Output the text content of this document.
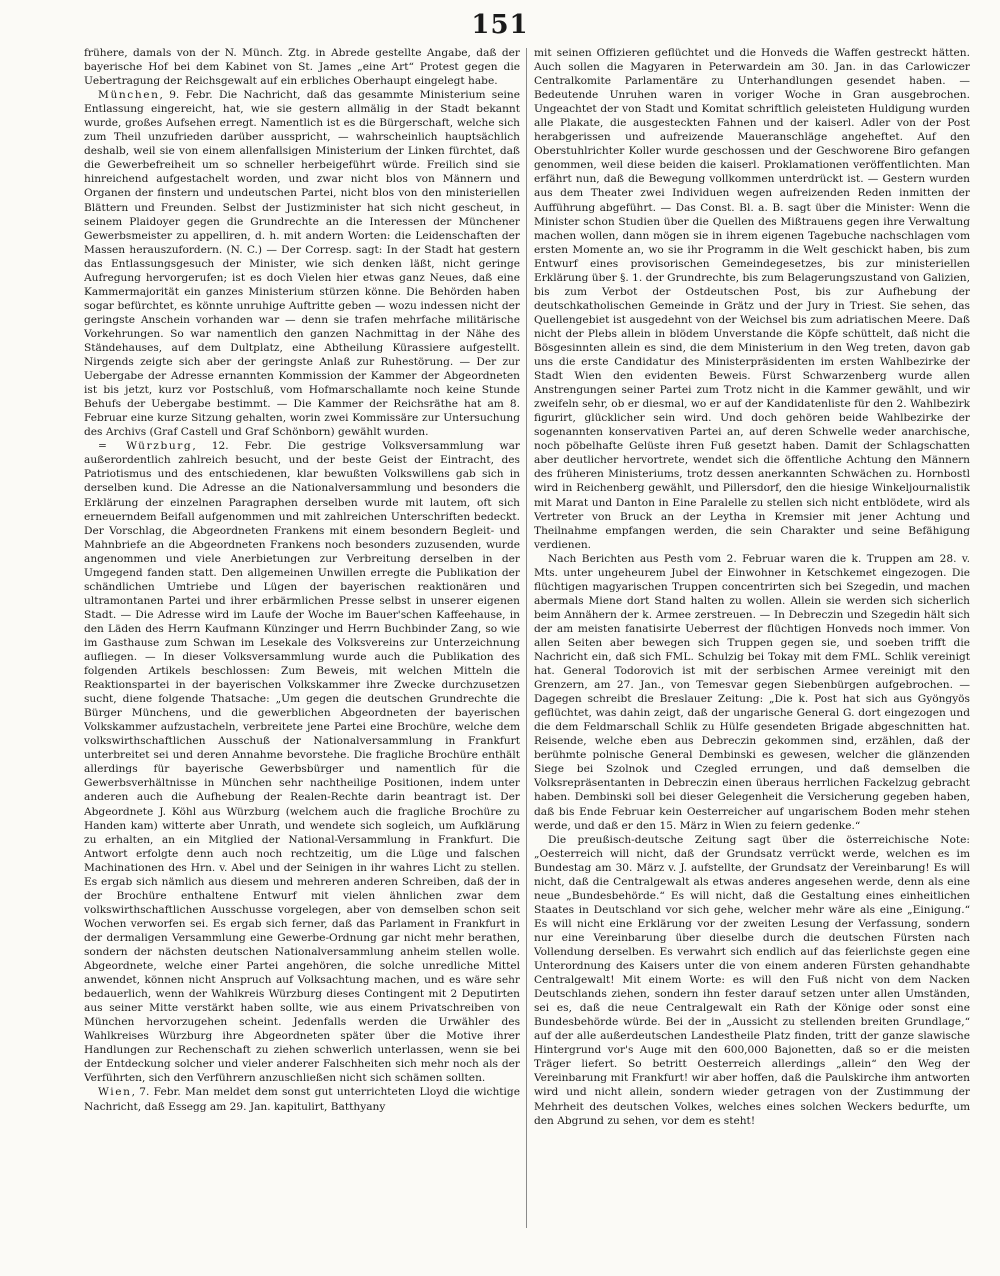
151

frühere, damals von der N. Münch. Ztg. in Abrede gestellte Angabe, daß der bayerische Hof bei dem Kabinet von St. James „eine Art“ Protest gegen die Uebertragung der Reichsgewalt auf ein erbliches Oberhaupt eingelegt habe.

München, 9. Febr. Die Nachricht, daß das gesammte Ministerium seine Entlassung eingereicht, hat, wie sie gestern allmälig in der Stadt bekannt wurde, großes Aufsehen erregt. Namentlich ist es die Bürgerschaft, welche sich zum Theil unzufrieden darüber ausspricht, — wahrscheinlich hauptsächlich deshalb, weil sie von einem allenfallsigen Ministerium der Linken fürchtet, daß die Gewerbefreiheit um so schneller herbeigeführt würde. Freilich sind sie hinreichend aufgestachelt worden, und zwar nicht blos von Männern und Organen der finstern und undeutschen Partei, nicht blos von den ministeriellen Blättern und Freunden. Selbst der Justizminister hat sich nicht gescheut, in seinem Plaidoyer gegen die Grundrechte an die Interessen der Münchener Gewerbsmeister zu appelliren, d. h. mit andern Worten: die Leidenschaften der Massen herauszufordern. (N. C.) — Der Corresp. sagt: In der Stadt hat gestern das Entlassungsgesuch der Minister, wie sich denken läßt, nicht geringe Aufregung hervorgerufen; ist es doch Vielen hier etwas ganz Neues, daß eine Kammermajorität ein ganzes Ministerium stürzen könne. Die Behörden haben sogar befürchtet, es könnte unruhige Auftritte geben — wozu indessen nicht der geringste Anschein vorhanden war — denn sie trafen mehrfache militärische Vorkehrungen. So war namentlich den ganzen Nachmittag in der Nähe des Ständehauses, auf dem Dultplatz, eine Abtheilung Kürassiere aufgestellt. Nirgends zeigte sich aber der geringste Anlaß zur Ruhestörung. — Der zur Uebergabe der Adresse ernannten Kommission der Kammer der Abgeordneten ist bis jetzt, kurz vor Postschluß, vom Hofmarschallamte noch keine Stunde Behufs der Uebergabe bestimmt. — Die Kammer der Reichsräthe hat am 8. Februar eine kurze Sitzung gehalten, worin zwei Kommissäre zur Untersuchung des Archivs (Graf Castell und Graf Schönborn) gewählt wurden.

= Würzburg, 12. Febr. Die gestrige Volksversammlung war außerordentlich zahlreich besucht, und der beste Geist der Eintracht, des Patriotismus und des entschiedenen, klar bewußten Volkswillens gab sich in derselben kund. Die Adresse an die Nationalversammlung und besonders die Erklärung der einzelnen Paragraphen derselben wurde mit lautem, oft sich erneuerndem Beifall aufgenommen und mit zahlreichen Unterschriften bedeckt. Der Vorschlag, die Abgeordneten Frankens mit einem besondern Begleit- und Mahnbriefe an die Abgeordneten Frankens noch besonders zuzusenden, wurde angenommen und viele Anerbietungen zur Verbreitung derselben in der Umgegend fanden statt. Den allgemeinen Unwillen erregte die Publikation der schändlichen Umtriebe und Lügen der bayerischen reaktionären und ultramontanen Partei und ihrer erbärmlichen Presse selbst in unserer eigenen Stadt. — Die Adresse wird im Laufe der Woche im Bauer'schen Kaffeehause, in den Läden des Herrn Kaufmann Künzinger und Herrn Buchbinder Zang, so wie im Gasthause zum Schwan im Lesekale des Volksvereins zur Unterzeichnung aufliegen. — In dieser Volksversammlung wurde auch die Publikation des folgenden Artikels beschlossen: Zum Beweis, mit welchen Mitteln die Reaktionspartei in der bayerischen Volkskammer ihre Zwecke durchzusetzen sucht, diene folgende Thatsache: „Um gegen die deutschen Grundrechte die Bürger Münchens, und die gewerblichen Abgeordneten der bayerischen Volkskammer aufzustacheln, verbreitete jene Partei eine Brochüre, welche dem volkswirthschaftlichen Ausschuß der Nationalversammlung in Frankfurt unterbreitet sei und deren Annahme bevorstehe. Die fragliche Brochüre enthält allerdings für bayerische Gewerbsbürger und namentlich für die Gewerbsverhältnisse in München sehr nachtheilige Positionen, indem unter anderen auch die Aufhebung der Realen-Rechte darin beantragt ist. Der Abgeordnete J. Köhl aus Würzburg (welchem auch die fragliche Brochüre zu Handen kam) witterte aber Unrath, und wendete sich sogleich, um Aufklärung zu erhalten, an ein Mitglied der National-Versammlung in Frankfurt. Die Antwort erfolgte denn auch noch rechtzeitig, um die Lüge und falschen Machinationen des Hrn. v. Abel und der Seinigen in ihr wahres Licht zu stellen. Es ergab sich nämlich aus diesem und mehreren anderen Schreiben, daß der in der Brochüre enthaltene Entwurf mit vielen ähnlichen zwar dem volkswirthschaftlichen Ausschusse vorgelegen, aber von demselben schon seit Wochen verworfen sei. Es ergab sich ferner, daß das Parlament in Frankfurt in der dermaligen Versammlung eine Gewerbe-Ordnung gar nicht mehr berathen, sondern der nächsten deutschen Nationalversammlung anheim stellen wolle. Abgeordnete, welche einer Partei angehören, die solche unredliche Mittel anwendet, können nicht Anspruch auf Volksachtung machen, und es wäre sehr bedauerlich, wenn der Wahlkreis Würzburg dieses Contingent mit 2 Deputirten aus seiner Mitte verstärkt haben sollte, wie aus einem Privatschreiben von München hervorzugehen scheint. Jedenfalls werden die Urwähler des Wahlkreises Würzburg ihre Abgeordneten später über die Motive ihrer Handlungen zur Rechenschaft zu ziehen schwerlich unterlassen, wenn sie bei der Entdeckung solcher und vieler anderer Falschheiten sich mehr noch als der Verführten, sich den Verführern anzuschließen nicht sich schämen sollten.

Wien, 7. Febr. Man meldet dem sonst gut unterrichteten Lloyd die wichtige Nachricht, daß Essegg am 29. Jan. kapitulirt, Batthyany

mit seinen Offizieren geflüchtet und die Honveds die Waffen gestreckt hätten. Auch sollen die Magyaren in Peterwardein am 30. Jan. in das Carlowiczer Centralkomite Parlamentäre zu Unterhandlungen gesendet haben. — Bedeutende Unruhen waren in voriger Woche in Gran ausgebrochen. Ungeachtet der von Stadt und Komitat schriftlich geleisteten Huldigung wurden alle Plakate, die ausgesteckten Fahnen und der kaiserl. Adler von der Post herabgerissen und aufreizende Maueranschläge angeheftet. Auf den Oberstuhlrichter Koller wurde geschossen und der Geschworene Biro gefangen genommen, weil diese beiden die kaiserl. Proklamationen veröffentlichten. Man erfährt nun, daß die Bewegung vollkommen unterdrückt ist. — Gestern wurden aus dem Theater zwei Individuen wegen aufreizenden Reden inmitten der Aufführung abgeführt. — Das Const. Bl. a. B. sagt über die Minister: Wenn die Minister schon Studien über die Quellen des Mißtrauens gegen ihre Verwaltung machen wollen, dann mögen sie in ihrem eigenen Tagebuche nachschlagen vom ersten Momente an, wo sie ihr Programm in die Welt geschickt haben, bis zum Entwurf eines provisorischen Gemeindegesetzes, bis zur ministeriellen Erklärung über §. 1. der Grundrechte, bis zum Belagerungszustand von Galizien, bis zum Verbot der Ostdeutschen Post, bis zur Aufhebung der deutschkatholischen Gemeinde in Grätz und der Jury in Triest. Sie sehen, das Quellengebiet ist ausgedehnt von der Weichsel bis zum adriatischen Meere. Daß nicht der Plebs allein in blödem Unverstande die Köpfe schüttelt, daß nicht die Bösgesinnten allein es sind, die dem Ministerium in den Weg treten, davon gab uns die erste Candidatur des Ministerpräsidenten im ersten Wahlbezirke der Stadt Wien den evidenten Beweis. Fürst Schwarzenberg wurde allen Anstrengungen seiner Partei zum Trotz nicht in die Kammer gewählt, und wir zweifeln sehr, ob er diesmal, wo er auf der Kandidatenliste für den 2. Wahlbezirk figurirt, glücklicher sein wird. Und doch gehören beide Wahlbezirke der sogenannten konservativen Partei an, auf deren Schwelle weder anarchische, noch pöbelhafte Gelüste ihren Fuß gesetzt haben. Damit der Schlagschatten aber deutlicher hervortrete, wendet sich die öffentliche Achtung den Männern des früheren Ministeriums, trotz dessen anerkannten Schwächen zu. Hornbostl wird in Reichenberg gewählt, und Pillersdorf, den die hiesige Winkeljournalistik mit Marat und Danton in Eine Paralelle zu stellen sich nicht entblödete, wird als Vertreter von Bruck an der Leytha in Kremsier mit jener Achtung und Theilnahme empfangen werden, die sein Charakter und seine Befähigung verdienen.

Nach Berichten aus Pesth vom 2. Februar waren die k. Truppen am 28. v. Mts. unter ungeheurem Jubel der Einwohner in Ketschkemet eingezogen. Die flüchtigen magyarischen Truppen concentrirten sich bei Szegedin, und machen abermals Miene dort Stand halten zu wollen. Allein sie werden sich sicherlich beim Annähern der k. Armee zerstreuen. — In Debreczin und Szegedin hält sich der am meisten fanatisirte Ueberrest der flüchtigen Honveds noch immer. Von allen Seiten aber bewegen sich Truppen gegen sie, und soeben trifft die Nachricht ein, daß sich FML. Schulzig bei Tokay mit dem FML. Schlik vereinigt hat. General Todorovich ist mit der serbischen Armee vereinigt mit den Grenzern, am 27. Jan., von Temesvar gegen Siebenbürgen aufgebrochen. — Dagegen schreibt die Breslauer Zeitung: „Die k. Post hat sich aus Gyöngyös geflüchtet, was dahin zeigt, daß der ungarische General G. dort eingezogen und die dem Feldmarschall Schlik zu Hülfe gesendeten Brigade abgeschnitten hat. Reisende, welche eben aus Debreczin gekommen sind, erzählen, daß der berühmte polnische General Dembinski es gewesen, welcher die glänzenden Siege bei Szolnok und Czegled errungen, und daß demselben die Volksrepräsentanten in Debreczin einen überaus herrlichen Fackelzug gebracht haben. Dembinski soll bei dieser Gelegenheit die Versicherung gegeben haben, daß bis Ende Februar kein Oesterreicher auf ungarischem Boden mehr stehen werde, und daß er den 15. März in Wien zu feiern gedenke.“

Die preußisch-deutsche Zeitung sagt über die österreichische Note: „Oesterreich will nicht, daß der Grundsatz verrückt werde, welchen es im Bundestag am 30. März v. J. aufstellte, der Grundsatz der Vereinbarung! Es will nicht, daß die Centralgewalt als etwas anderes angesehen werde, denn als eine neue „Bundesbehörde.“ Es will nicht, daß die Gestaltung eines einheitlichen Staates in Deutschland vor sich gehe, welcher mehr wäre als eine „Einigung.“ Es will nicht eine Erklärung vor der zweiten Lesung der Verfassung, sondern nur eine Vereinbarung über dieselbe durch die deutschen Fürsten nach Vollendung derselben. Es verwahrt sich endlich auf das feierlichste gegen eine Unterordnung des Kaisers unter die von einem anderen Fürsten gehandhabte Centralgewalt! Mit einem Worte: es will den Fuß nicht von dem Nacken Deutschlands ziehen, sondern ihn fester darauf setzen unter allen Umständen, sei es, daß die neue Centralgewalt ein Rath der Könige oder sonst eine Bundesbehörde würde. Bei der in „Aussicht zu stellenden breiten Grundlage,“ auf der alle außerdeutschen Landestheile Platz finden, tritt der ganze slawische Hintergrund vor's Auge mit den 600,000 Bajonetten, daß so er die meisten Träger liefert. So betritt Oesterreich allerdings „allein“ den Weg der Vereinbarung mit Frankfurt! wir aber hoffen, daß die Paulskirche ihm antworten wird und nicht allein, sondern wieder getragen von der Zustimmung der Mehrheit des deutschen Volkes, welches eines solchen Weckers bedurfte, um den Abgrund zu sehen, vor dem es steht!
